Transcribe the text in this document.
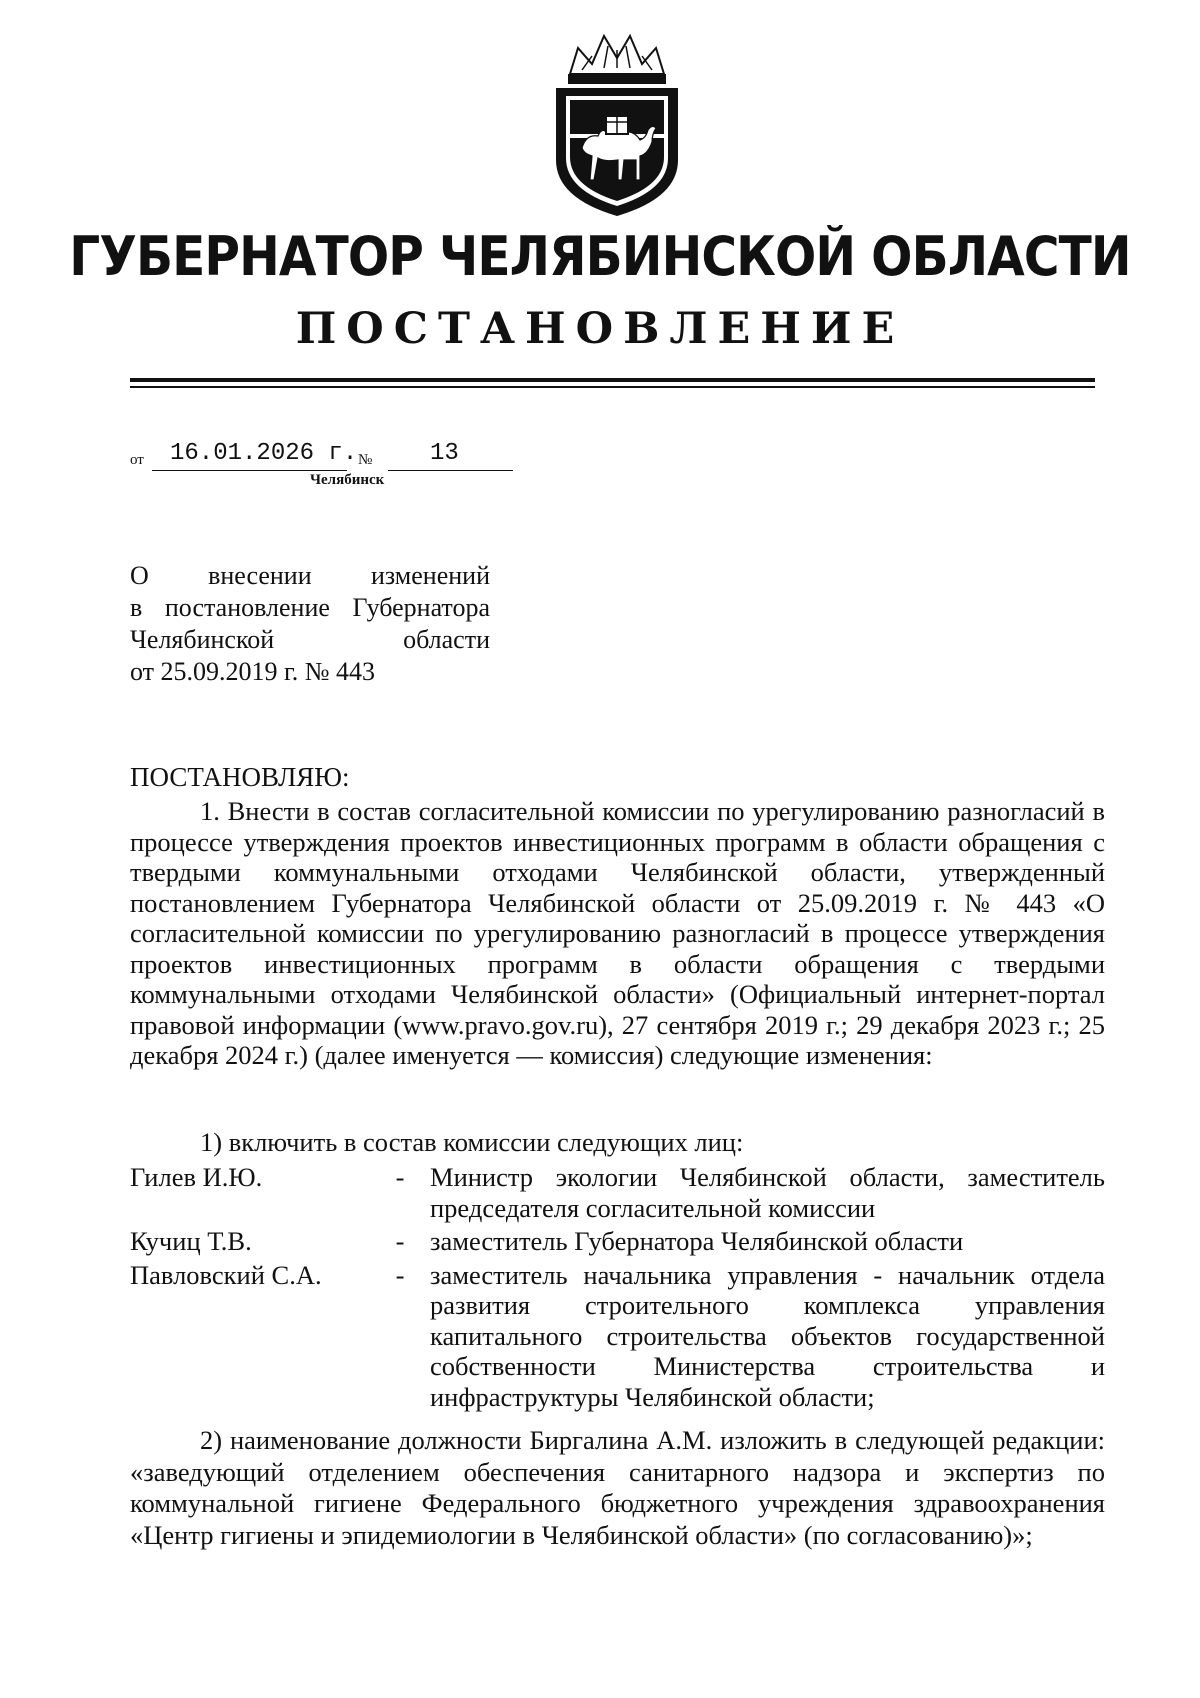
ГУБЕРНАТОР ЧЕЛЯБИНСКОЙ ОБЛАСТИ
ПОСТАНОВЛЕНИЕ
от 16.01.2026 г. № 13
Челябинск
О внесении изменений
в постановление Губернатора
Челябинской области
от 25.09.2019 г. № 443
ПОСТАНОВЛЯЮ:

1. Внести в состав согласительной комиссии по урегулированию разногласий в процессе утверждения проектов инвестиционных программ в области обращения с твердыми коммунальными отходами Челябинской области, утвержденный постановлением Губернатора Челябинской области от 25.09.2019 г. № 443 «О согласительной комиссии по урегулированию разногласий в процессе утверждения проектов инвестиционных программ в области обращения с твердыми коммунальными отходами Челябинской области» (Официальный интернет-портал правовой информации (www.pravo.gov.ru), 27 сентября 2019 г.; 29 декабря 2023 г.; 25 декабря 2024 г.) (далее именуется — комиссия) следующие изменения:

1) включить в состав комиссии следующих лиц:
Гилев И.Ю.	- Министр экологии Челябинской области, заместитель председателя согласительной комиссии
Кучиц Т.В.	- заместитель Губернатора Челябинской области
Павловский С.А.	- заместитель начальника управления - начальник отдела развития строительного комплекса управления капитального строительства объектов государственной собственности Министерства строительства и инфраструктуры Челябинской области;

2) наименование должности Биргалина А.М. изложить в следующей редакции: «заведующий отделением обеспечения санитарного надзора и экспертиз по коммунальной гигиене Федерального бюджетного учреждения здравоохранения «Центр гигиены и эпидемиологии в Челябинской области» (по согласованию)»;
